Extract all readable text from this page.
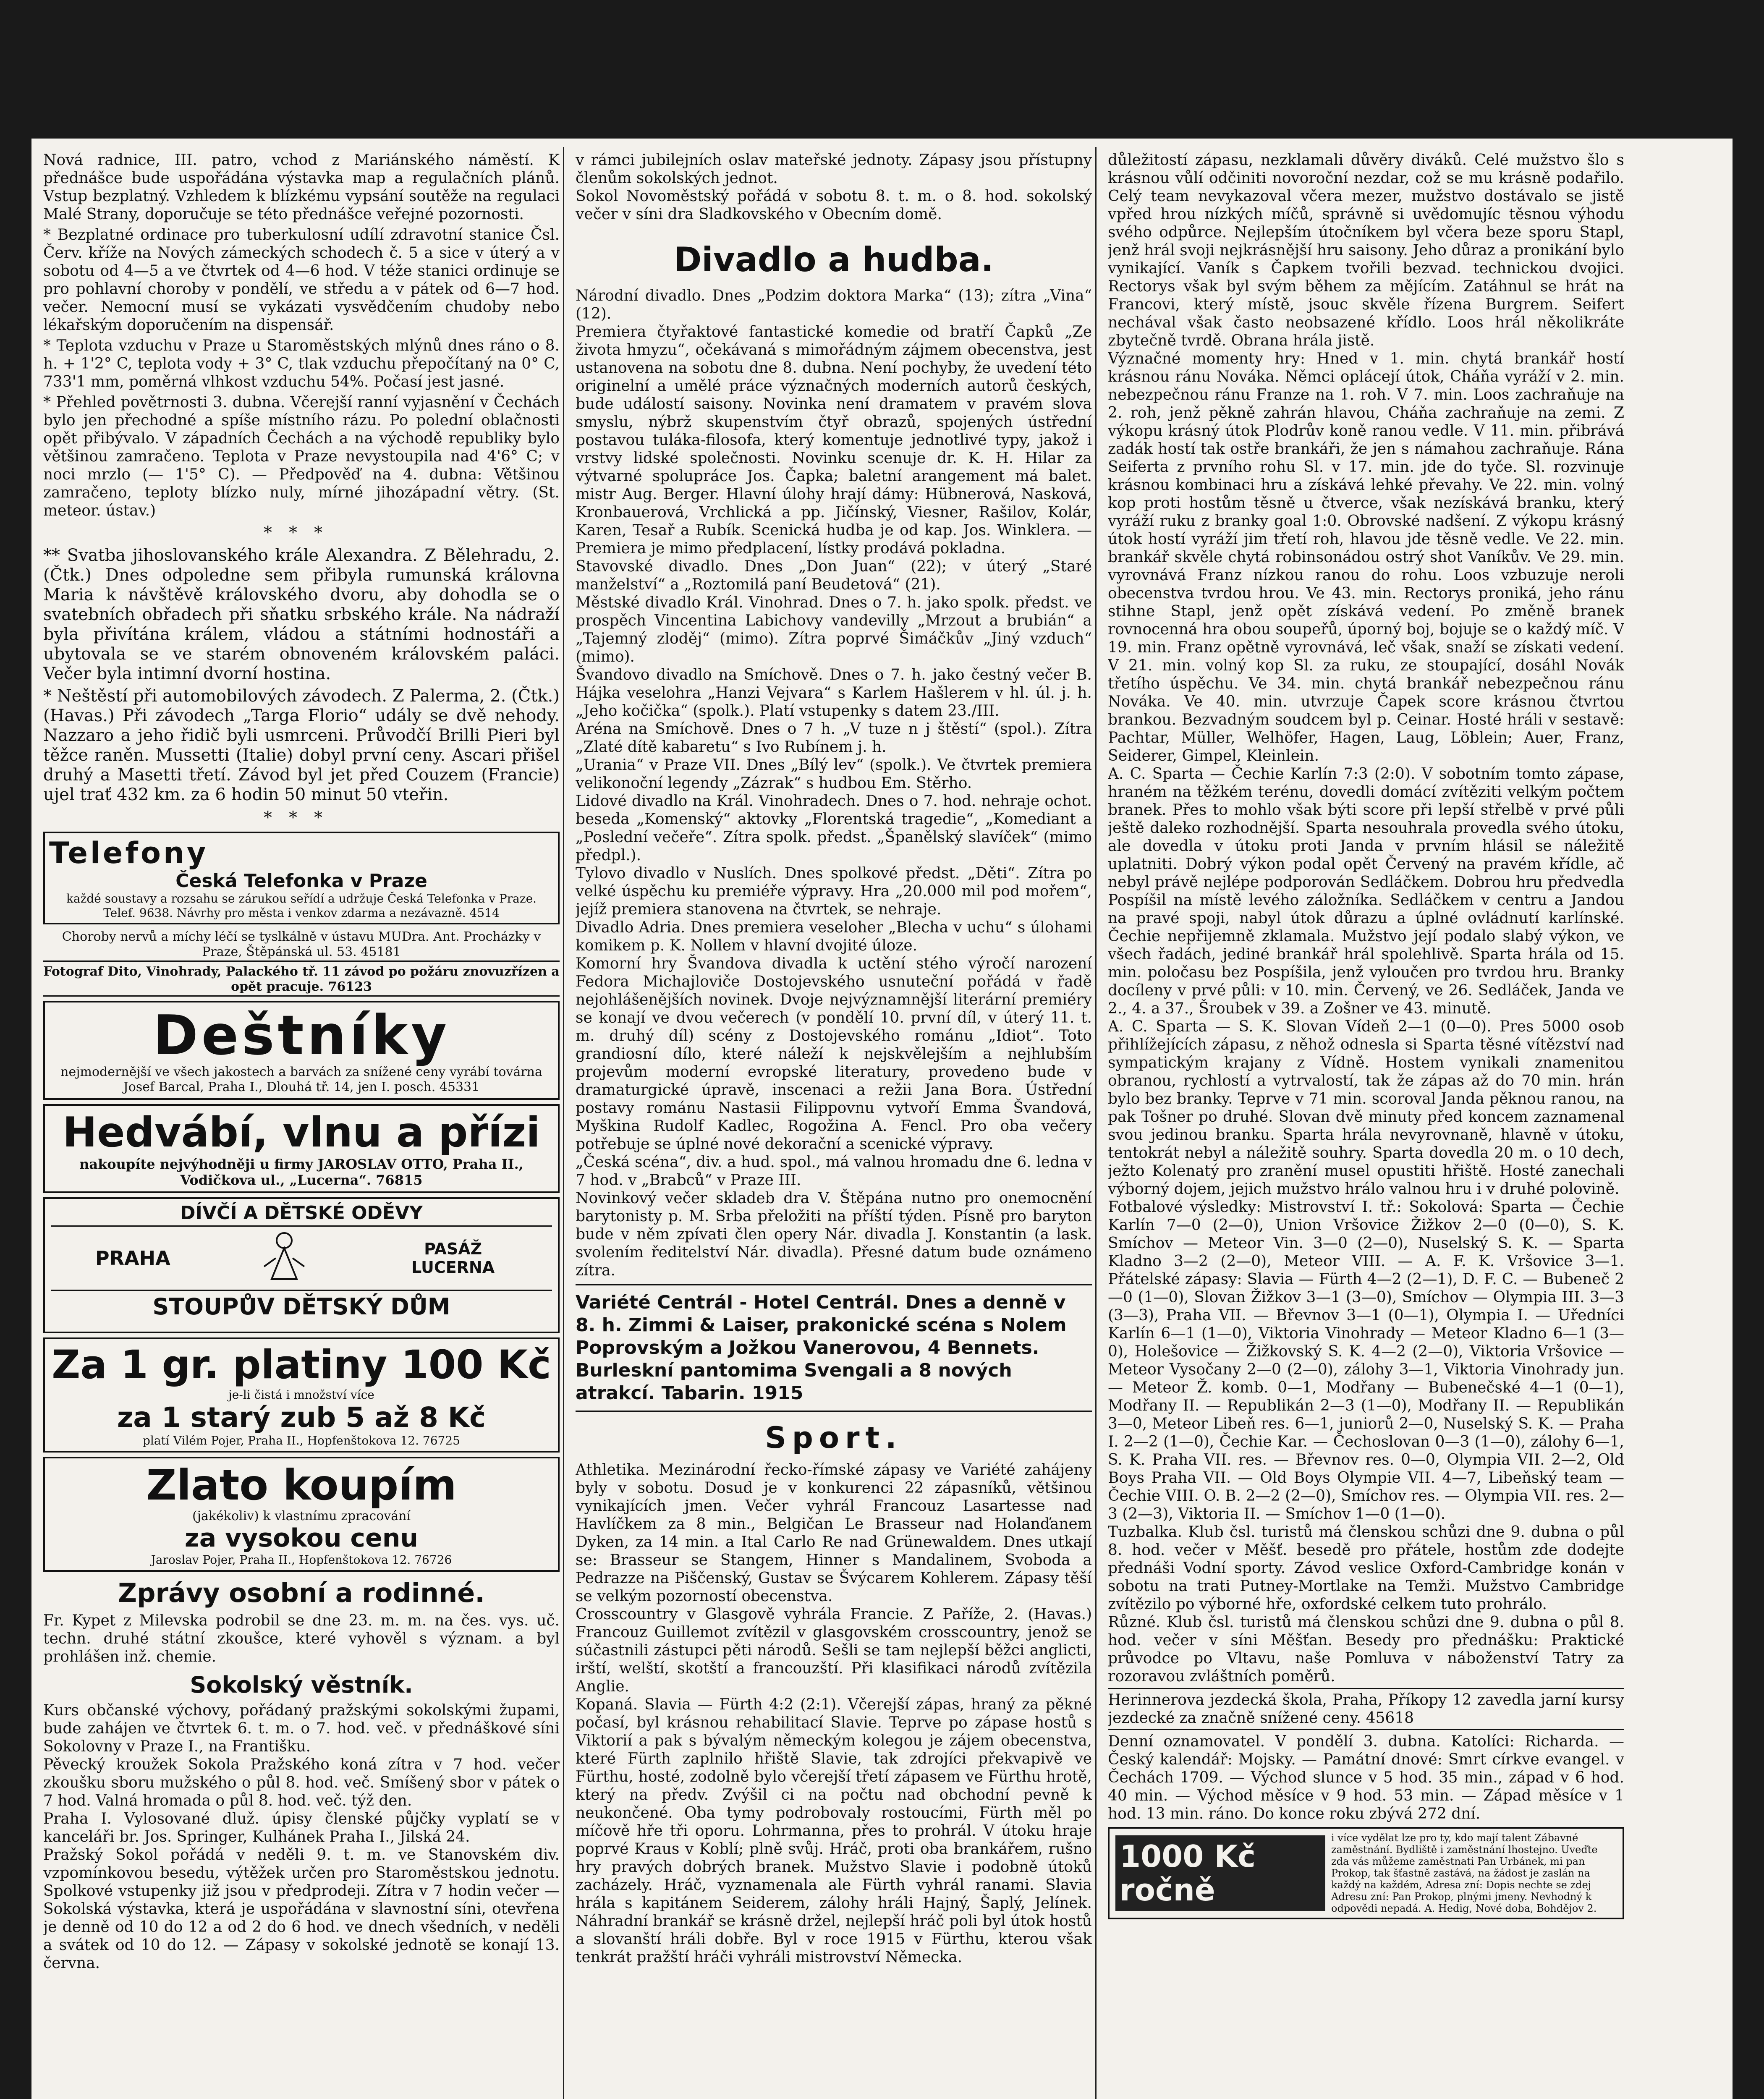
Nová radnice, III. patro, vchod z Mariánského náměstí. K přednášce bude uspořádána výstavka map a regulačních plánů. Vstup bezplatný. Vzhledem k blízkému vypsání soutěže na regulaci Malé Strany, doporučuje se této přednášce veřejné pozornosti.

* Bezplatné ordinace pro tuberkulosní udílí zdravotní stanice Čsl. Červ. kříže na Nových zámeckých schodech č. 5 a sice v úterý a v sobotu od 4—5 a ve čtvrtek od 4—6 hod. V téže stanici ordinuje se pro pohlavní choroby v pondělí, ve středu a v pátek od 6—7 hod. večer. Nemocní musí se vykázati vysvědčením chudoby nebo lékařským doporučením na dispensář.

* Teplota vzduchu v Praze u Staroměstských mlýnů dnes ráno o 8. h. + 1'2° C, teplota vody + 3° C, tlak vzduchu přepočítaný na 0° C, 733'1 mm, poměrná vlhkost vzduchu 54%. Počasí jest jasné.

* Přehled povětrnosti 3. dubna. Včerejší ranní vyjasnění v Čechách bylo jen přechodné a spíše místního rázu. Po polední oblačnosti opět přibývalo. V západních Čechách a na východě republiky bylo většinou zamračeno. Teplota v Praze nevystoupila nad 4'6° C; v noci mrzlo (— 1'5° C). — Předpověď na 4. dubna: Většinou zamračeno, teploty blízko nuly, mírné jihozápadní větry. (St. meteor. ústav.)

***

** Svatba jihoslovanského krále Alexandra. Z Bělehradu, 2. (Čtk.) Dnes odpoledne sem přibyla rumunská královna Maria k návštěvě královského dvoru, aby dohodla se o svatebních obřadech při sňatku srbského krále. Na nádraží byla přivítána králem, vládou a státními hodnostáři a ubytovala se ve starém obnoveném královském paláci. Večer byla intimní dvorní hostina.

* Neštěstí při automobilových závodech. Z Palerma, 2. (Čtk.) (Havas.) Při závodech „Targa Florio“ udály se dvě nehody. Nazzaro a jeho řidič byli usmrceni. Průvodčí Brilli Pieri byl těžce raněn. Mussetti (Italie) dobyl první ceny. Ascari přišel druhý a Masetti třetí. Závod byl jet před Couzem (Francie) ujel trať 432 km. za 6 hodin 50 minut 50 vteřin.

***
Telefony
Česká Telefonka v Praze
každé soustavy a rozsahu se zárukou seřídí a udržuje Česká Telefonka v Praze. Telef. 9638. Návrhy pro města i venkov zdarma a nezávazně. 4514
Choroby nervů a míchy léčí se tyslkálně v ústavu MUDra. Ant. Procházky v Praze, Štěpánská ul. 53. 45181
Fotograf Dito, Vinohrady, Palackého tř. 11 závod po požáru znovuzřízen a opět pracuje. 76123
Deštníky
nejmodernější ve všech jakostech a barvách za snížené ceny vyrábí továrna Josef Barcal, Praha I., Dlouhá tř. 14, jen I. posch. 45331
Hedvábí, vlnu a přízi
nakoupíte nejvýhodněji u firmy JAROSLAV OTTO, Praha II., Vodičkova ul., „Lucerna“. 76815
DÍVČÍ A DĚTSKÉ ODĚVY
PRAHA	PASÁŽ LUCERNA
STOUPŮV DĚTSKÝ DŮM
Za 1 gr. platiny 100 Kč
je-li čistá i množství více
za 1 starý zub 5 až 8 Kč
platí Vilém Pojer, Praha II., Hopfenštokova 12. 76725
Zlato koupím
(jakékoliv) k vlastnímu zpracování
za vysokou cenu
Jaroslav Pojer, Praha II., Hopfenštokova 12. 76726
Zprávy osobní a rodinné.

Fr. Kypet z Milevska podrobil se dne 23. m. m. na čes. vys. uč. techn. druhé státní zkoušce, které vyhověl s význam. a byl prohlášen inž. chemie.

Sokolský věstník.

Kurs občanské výchovy, pořádaný pražskými sokolskými župami, bude zahájen ve čtvrtek 6. t. m. o 7. hod. več. v přednáškové síni Sokolovny v Praze I., na Františku.

Pěvecký kroužek Sokola Pražského koná zítra v 7 hod. večer zkoušku sboru mužského o půl 8. hod. več. Smíšený sbor v pátek o 7 hod. Valná hromada o půl 8. hod. več. týž den.

Praha I. Vylosované dluž. úpisy členské půjčky vyplatí se v kanceláři br. Jos. Springer, Kulhánek Praha I., Jilská 24.

Pražský Sokol pořádá v neděli 9. t. m. ve Stanovském div. vzpomínkovou besedu, výtěžek určen pro Staroměstskou jednotu. Spolkové vstupenky již jsou v předprodeji. Zítra v 7 hodin večer — Sokolská výstavka, která je uspořádána v slavnostní síni, otevřena je denně od 10 do 12 a od 2 do 6 hod. ve dnech všedních, v neděli a svátek od 10 do 12. — Zápasy v sokolské jednotě se konají 13. června.

v rámci jubilejních oslav mateřské jednoty. Zápasy jsou přístupny členům sokolských jednot.

Sokol Novoměstský pořádá v sobotu 8. t. m. o 8. hod. sokolský večer v síni dra Sladkovského v Obecním domě.

Divadlo a hudba.

Národní divadlo. Dnes „Podzim doktora Marka“ (13); zítra „Vina“ (12).

Premiera čtyřaktové fantastické komedie od bratří Čapků „Ze života hmyzu“, očekávaná s mimořádným zájmem obecenstva, jest ustanovena na sobotu dne 8. dubna. Není pochyby, že uvedení této originelní a umělé práce význačných moderních autorů českých, bude událostí saisony. Novinka není dramatem v pravém slova smyslu, nýbrž skupenstvím čtyř obrazů, spojených ústřední postavou tuláka-filosofa, který komentuje jednotlivé typy, jakož i vrstvy lidské společnosti. Novinku scenuje dr. K. H. Hilar za výtvarné spolupráce Jos. Čapka; baletní arangement má balet. mistr Aug. Berger. Hlavní úlohy hrají dámy: Hübnerová, Nasková, Kronbauerová, Vrchlická a pp. Jičínský, Viesner, Rašilov, Kolár, Karen, Tesař a Rubík. Scenická hudba je od kap. Jos. Winklera. — Premiera je mimo předplacení, lístky prodává pokladna.

Stavovské divadlo. Dnes „Don Juan“ (22); v úterý „Staré manželství“ a „Roztomilá paní Beudetová“ (21).

Městské divadlo Král. Vinohrad. Dnes o 7. h. jako spolk. předst. ve prospěch Vincentina Labichovy vandevilly „Mrzout a brubián“ a „Tajemný zloděj“ (mimo). Zítra poprvé Šimáčkův „Jiný vzduch“ (mimo).

Švandovo divadlo na Smíchově. Dnes o 7. h. jako čestný večer B. Hájka veselohra „Hanzi Vejvara“ s Karlem Hašlerem v hl. úl. j. h. „Jeho kočička“ (spolk.). Platí vstupenky s datem 23./III.

Aréna na Smíchově. Dnes o 7 h. „V tuze n j štěstí“ (spol.). Zítra „Zlaté dítě kabaretu“ s Ivo Rubínem j. h.

„Urania“ v Praze VII. Dnes „Bílý lev“ (spolk.). Ve čtvrtek premiera velikonoční legendy „Zázrak“ s hudbou Em. Stěrho.

Lidové divadlo na Král. Vinohradech. Dnes o 7. hod. nehraje ochot. beseda „Komenský“ aktovky „Florentská tragedie“, „Komediant a „Poslední večeře“. Zítra spolk. předst. „Španělský slavíček“ (mimo předpl.).

Tylovo divadlo v Nuslích. Dnes spolkové předst. „Děti“. Zítra po velké úspěchu ku premiéře výpravy. Hra „20.000 mil pod mořem“, jejíž premiera stanovena na čtvrtek, se nehraje.

Divadlo Adria. Dnes premiera veseloher „Blecha v uchu“ s úlohami komikem p. K. Nollem v hlavní dvojité úloze.

Komorní hry Švandova divadla k uctění stého výročí narození Fedora Michajloviče Dostojevského usnuteční pořádá v řadě nejohlášenějších novinek. Dvoje nejvýznamnější literární premiéry se konají ve dvou večerech (v pondělí 10. první díl, v úterý 11. t. m. druhý díl) scény z Dostojevského románu „Idiot“. Toto grandiosní dílo, které náleží k nejskvělejším a nejhlubším projevům moderní evropské literatury, provedeno bude v dramaturgické úpravě, inscenaci a režii Jana Bora. Ústřední postavy románu Nastasii Filippovnu vytvoří Emma Švandová, Myškina Rudolf Kadlec, Rogožina A. Fencl. Pro oba večery potřebuje se úplné nové dekorační a scenické výpravy.

„Česká scéna“, div. a hud. spol., má valnou hromadu dne 6. ledna v 7 hod. v „Brabců“ v Praze III.

Novinkový večer skladeb dra V. Štěpána nutno pro onemocnění barytonisty p. M. Srba přeložiti na příští týden. Písně pro baryton bude v něm zpívati člen opery Nár. divadla J. Konstantin (a lask. svolením ředitelství Nár. divadla). Přesné datum bude oznámeno zítra.

Variété Centrál - Hotel Centrál. Dnes a denně v 8. h. Zimmi & Laiser, prakonické scéna s Nolem Poprovským a Jožkou Vanerovou, 4 Bennets. Burleskní pantomima Svengali a 8 nových atrakcí. Tabarin. 1915
Sport.

Athletika. Mezinárodní řecko-římské zápasy ve Variété zahájeny byly v sobotu. Dosud je v konkurenci 22 zápasníků, většinou vynikajících jmen. Večer vyhrál Francouz Lasartesse nad Havlíčkem za 8 min., Belgičan Le Brasseur nad Holanďanem Dyken, za 14 min. a Ital Carlo Re nad Grünewaldem. Dnes utkají se: Brasseur se Stangem, Hinner s Mandalinem, Svoboda a Pedrazze na Piščenský, Gustav se Švýcarem Kohlerem. Zápasy těší se velkým pozorností obecenstva.

Crosscountry v Glasgově vyhrála Francie. Z Paříže, 2. (Havas.) Francouz Guillemot zvítězil v glasgovském crosscountry, jenož se súčastnili zástupci pěti národů. Sešli se tam nejlepší běžci anglicti, irští, welští, skotští a francouzští. Při klasifikaci národů zvítězila Anglie.

Kopaná. Slavia — Fürth 4:2 (2:1). Včerejší zápas, hraný za pěkné počasí, byl krásnou rehabilitací Slavie. Teprve po zápase hostů s Viktorií a pak s bývalým německým kolegou je zájem obecenstva, které Fürth zaplnilo hřiště Slavie, tak zdrojíci překvapivě ve Fürthu, hosté, zodolně bylo včerejší třetí zápasem ve Fürthu hrotě, který na předv. Zvýšil ci na počtu nad obchodní pevně k neukončené. Oba tymy podrobovaly rostoucími, Fürth měl po míčově hře tři oporu. Lohrmanna, přes to prohrál. V útoku hraje poprvé Kraus v Koblí; plně svůj. Hráč, proti oba brankářem, rušno hry pravých dobrých branek. Mužstvo Slavie i podobně útoků zacházely. Hráč, vyznamenala ale Fürth vyhrál ranami. Slavia hrála s kapitánem Seiderem, zálohy hráli Hajný, Šaplý, Jelínek. Náhradní brankář se krásně držel, nejlepší hráč poli byl útok hostů a slovanští hráli dobře. Byl v roce 1915 v Fürthu, kterou však tenkrát pražští hráči vyhráli mistrovství Německa.

důležitostí zápasu, nezklamali důvěry diváků. Celé mužstvo šlo s krásnou vůlí odčiniti novoroční nezdar, což se mu krásně podařilo. Celý team nevykazoval včera mezer, mužstvo dostávalo se jistě vpřed hrou nízkých míčů, správně si uvědomujíc těsnou výhodu svého odpůrce. Nejlepším útočníkem byl včera beze sporu Stapl, jenž hrál svoji nejkrásnější hru saisony. Jeho důraz a pronikání bylo vynikající. Vaník s Čapkem tvořili bezvad. technickou dvojici. Rectorys však byl svým během za mějícím. Zatáhnul se hrát na Francovi, který místě, jsouc skvěle řízena Burgrem. Seifert nechával však často neobsazené křídlo. Loos hrál několikráte zbytečně tvrdě. Obrana hrála jistě.

Význačné momenty hry: Hned v 1. min. chytá brankář hostí krásnou ránu Nováka. Němci oplácejí útok, Cháňa vyráží v 2. min. nebezpečnou ránu Franze na 1. roh. V 7. min. Loos zachraňuje na 2. roh, jenž pěkně zahrán hlavou, Cháňa zachraňuje na zemi. Z výkopu krásný útok Plodrův koně ranou vedle. V 11. min. přibrává zadák hostí tak ostře brankáři, že jen s námahou zachraňuje. Rána Seiferta z prvního rohu Sl. v 17. min. jde do tyče. Sl. rozvinuje krásnou kombinaci hru a získává lehké převahy. Ve 22. min. volný kop proti hostům těsně u čtverce, však nezískává branku, který vyráží ruku z branky goal 1:0. Obrovské nadšení. Z výkopu krásný útok hostí vyráží jim třetí roh, hlavou jde těsně vedle. Ve 22. min. brankář skvěle chytá robinsonádou ostrý shot Vaníkův. Ve 29. min. vyrovnává Franz nízkou ranou do rohu. Loos vzbuzuje neroli obecenstva tvrdou hrou. Ve 43. min. Rectorys proniká, jeho ránu stihne Stapl, jenž opět získává vedení. Po změně branek rovnocenná hra obou soupeřů, úporný boj, bojuje se o každý míč. V 19. min. Franz opětně vyrovnává, leč však, snaží se získati vedení. V 21. min. volný kop Sl. za ruku, ze stoupající, dosáhl Novák třetího úspěchu. Ve 34. min. chytá brankář nebezpečnou ránu Nováka. Ve 40. min. utvrzuje Čapek score krásnou čtvrtou brankou. Bezvadným soudcem byl p. Ceinar. Hosté hráli v sestavě: Pachtar, Müller, Welhöfer, Hagen, Laug, Löblein; Auer, Franz, Seiderer, Gimpel, Kleinlein.

A. C. Sparta — Čechie Karlín 7:3 (2:0). V sobotním tomto zápase, hraném na těžkém terénu, dovedli domácí zvítěziti velkým počtem branek. Přes to mohlo však býti score při lepší střelbě v prvé půli ještě daleko rozhodnější. Sparta nesouhrala provedla svého útoku, ale dovedla v útoku proti Janda v prvním hlásil se náležitě uplatniti. Dobrý výkon podal opět Červený na pravém křídle, ač nebyl právě nejlépe podporován Sedláčkem. Dobrou hru předvedla Pospíšil na místě levého záložníka. Sedláčkem v centru a Jandou na pravé spoji, nabyl útok důrazu a úplné ovládnutí karlínské. Čechie nepřijemně zklamala. Mužstvo její podalo slabý výkon, ve všech řadách, jediné brankář hrál spolehlivě. Sparta hrála od 15. min. poločasu bez Pospíšila, jenž vyloučen pro tvrdou hru. Branky docíleny v prvé půli: v 10. min. Červený, ve 26. Sedláček, Janda ve 2., 4. a 37., Šroubek v 39. a Zošner ve 43. minutě.

A. C. Sparta — S. K. Slovan Vídeň 2—1 (0—0). Pres 5000 osob přihlížejících zápasu, z něhož odnesla si Sparta těsné vítězství nad sympatickým krajany z Vídně. Hostem vynikali znamenitou obranou, rychlostí a vytrvalostí, tak že zápas až do 70 min. hrán bylo bez branky. Teprve v 71 min. scoroval Janda pěknou ranou, na pak Tošner po druhé. Slovan dvě minuty před koncem zaznamenal svou jedinou branku. Sparta hrála nevyrovnaně, hlavně v útoku, tentokrát nebyl a náležitě souhry. Sparta dovedla 20 m. o 10 dech, ježto Kolenatý pro zranění musel opustiti hřiště. Hosté zanechali výborný dojem, jejich mužstvo hrálo valnou hru i v druhé polovině.

Fotbalové výsledky: Mistrovství I. tř.: Sokolová: Sparta — Čechie Karlín 7—0 (2—0), Union Vršovice Žižkov 2—0 (0—0), S. K. Smíchov — Meteor Vin. 3—0 (2—0), Nuselský S. K. — Sparta Kladno 3—2 (2—0), Meteor VIII. — A. F. K. Vršovice 3—1. Přátelské zápasy: Slavia — Fürth 4—2 (2—1), D. F. C. — Bubeneč 2—0 (1—0), Slovan Žižkov 3—1 (3—0), Smíchov — Olympia III. 3—3 (3—3), Praha VII. — Břevnov 3—1 (0—1), Olympia I. — Uředníci Karlín 6—1 (1—0), Viktoria Vinohrady — Meteor Kladno 6—1 (3—0), Holešovice — Žižkovský S. K. 4—2 (2—0), Viktoria Vršovice — Meteor Vysočany 2—0 (2—0), zálohy 3—1, Viktoria Vinohrady jun. — Meteor Ž. komb. 0—1, Modřany — Bubenečské 4—1 (0—1), Modřany II. — Republikán 2—3 (1—0), Modřany II. — Republikán 3—0, Meteor Libeň res. 6—1, juniorů 2—0, Nuselský S. K. — Praha I. 2—2 (1—0), Čechie Kar. — Čechoslovan 0—3 (1—0), zálohy 6—1, S. K. Praha VII. res. — Břevnov res. 0—0, Olympia VII. 2—2, Old Boys Praha VII. — Old Boys Olympie VII. 4—7, Libeňský team — Čechie VIII. O. B. 2—2 (2—0), Smíchov res. — Olympia VII. res. 2—3 (2—3), Viktoria II. — Smíchov 1—0 (1—0).

Tuzbalka. Klub čsl. turistů má členskou schůzi dne 9. dubna o půl 8. hod. večer v Měšť. besedě pro přátele, hostům zde dodejte přednáši Vodní sporty. Závod veslice Oxford-Cambridge konán v sobotu na trati Putney-Mortlake na Temži. Mužstvo Cambridge zvítězilo po výborné hře, oxfordské celkem tuto prohrálo.

Různé. Klub čsl. turistů má členskou schůzi dne 9. dubna o půl 8. hod. večer v síni Měšťan. Besedy pro přednášku: Praktické průvodce po Vltavu, naše Pomluva v náboženství Tatry za rozoravou zvláštních poměrů.

Herinnerova jezdecká škola, Praha, Příkopy 12 zavedla jarní kursy jezdecké za značně snížené ceny. 45618

Denní oznamovatel. V pondělí 3. dubna. Katolíci: Richarda. — Český kalendář: Mojsky. — Památní dnové: Smrt církve evangel. v Čechách 1709. — Východ slunce v 5 hod. 35 min., západ v 6 hod. 40 min. — Východ měsíce v 9 hod. 53 min. — Západ měsíce v 1 hod. 13 min. ráno. Do konce roku zbývá 272 dní.

1000 Kč ročně
i více vydělat lze pro ty, kdo mají talent Zábavné zaměstnání. Bydliště i zaměstnání lhostejno. Uveďte zda vás můžeme zaměstnati Pan Urbánek, mi pan Prokop, tak šťastně zastává, na žádost je zaslán na každý na každém, Adresa zní: Dopis nechte se zdej Adresu zní: Pan Prokop, plnými jmeny. Nevhodný k odpovědi nepadá. A. Hedig, Nové doba, Bohdějov 2.
